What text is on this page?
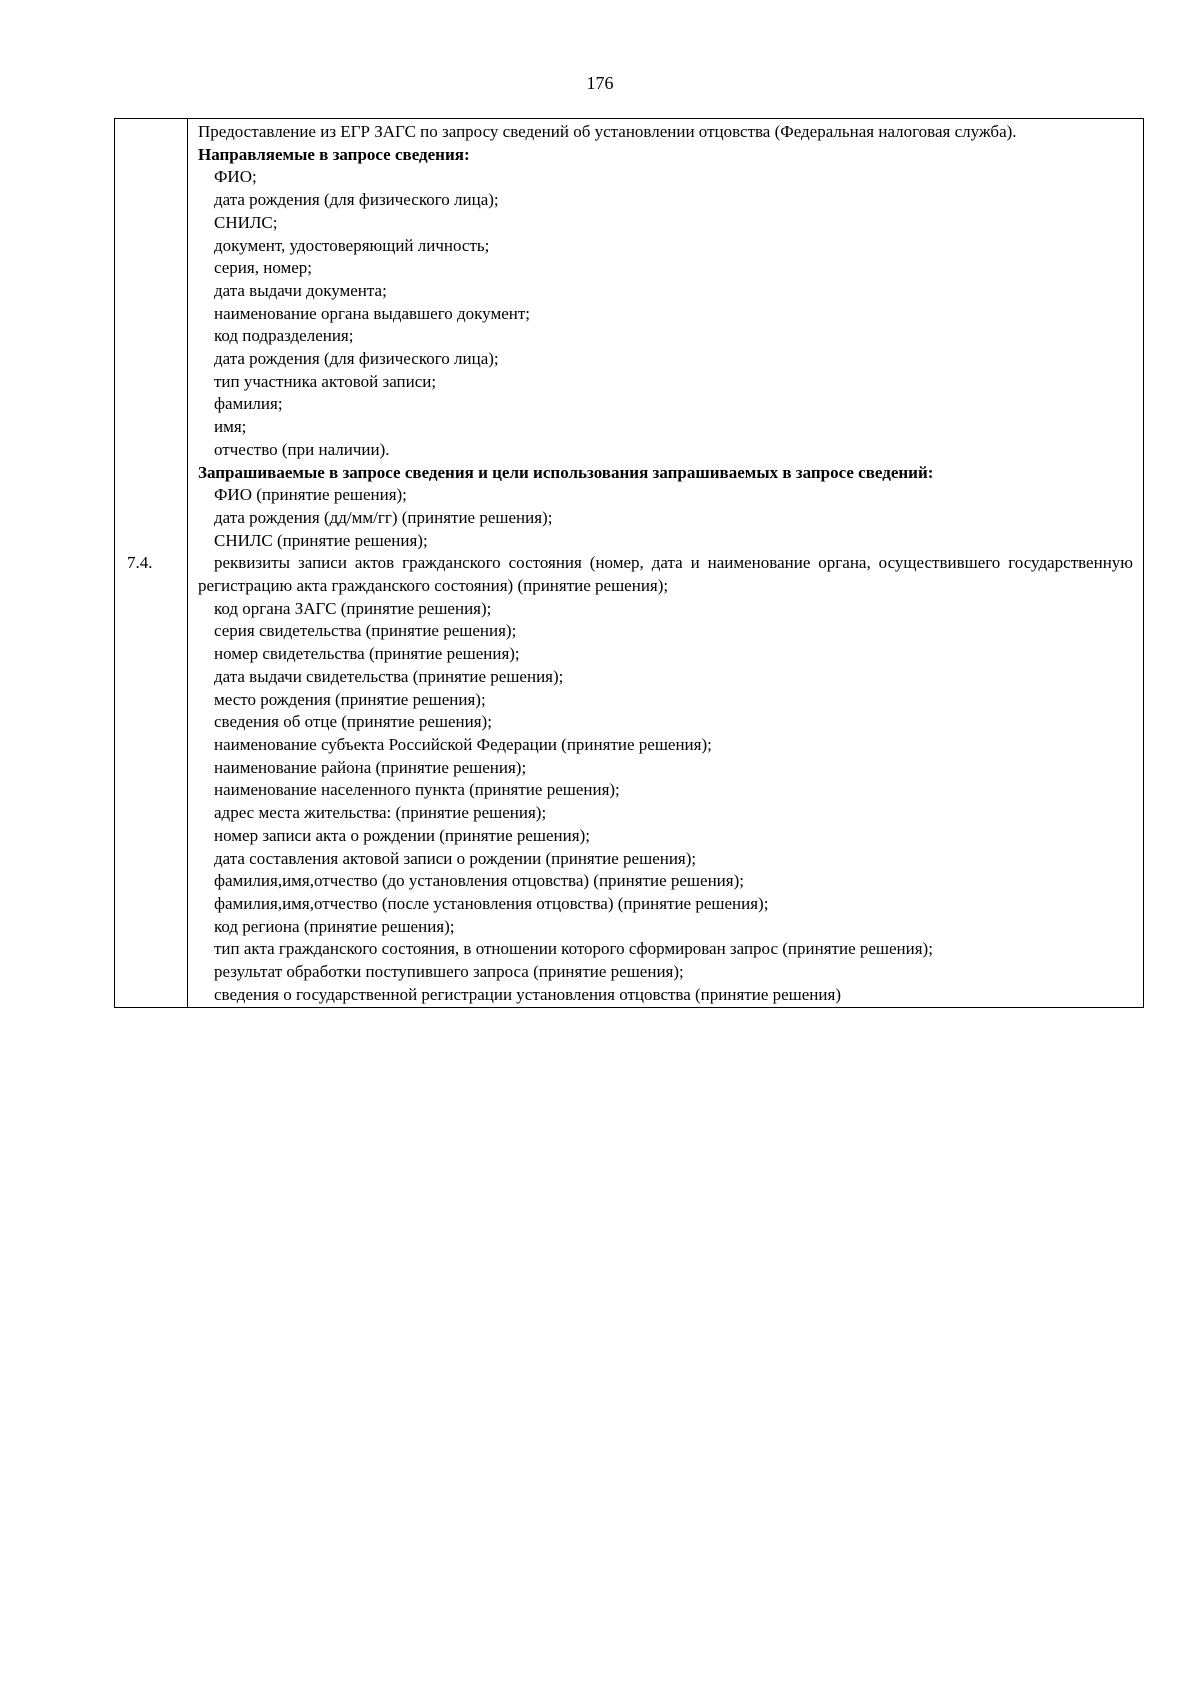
176
7.4.

Предоставление из ЕГР ЗАГС по запросу сведений об установлении отцовства (Федеральная налоговая служба).
Направляемые в запросе сведения:
ФИО;
дата рождения (для физического лица);
СНИЛС;
документ, удостоверяющий личность;
серия, номер;
дата выдачи документа;
наименование органа выдавшего документ;
код подразделения;
дата рождения (для физического лица);
тип участника актовой записи;
фамилия;
имя;
отчество (при наличии).
Запрашиваемые в запросе сведения и цели использования запрашиваемых в запросе сведений:
ФИО (принятие решения);
дата рождения (дд/мм/гг) (принятие решения);
СНИЛС (принятие решения);
реквизиты записи актов гражданского состояния (номер, дата и наименование органа, осуществившего государственную регистрацию акта гражданского состояния) (принятие решения);
код органа ЗАГС (принятие решения);
серия свидетельства (принятие решения);
номер свидетельства (принятие решения);
дата выдачи свидетельства (принятие решения);
место рождения (принятие решения);
сведения об отце (принятие решения);
наименование субъекта Российской Федерации (принятие решения);
наименование района (принятие решения);
наименование населенного пункта (принятие решения);
адрес места жительства: (принятие решения);
номер записи акта о рождении (принятие решения);
дата составления актовой записи о рождении (принятие решения);
фамилия,имя,отчество (до установления отцовства) (принятие решения);
фамилия,имя,отчество (после установления отцовства) (принятие решения);
код региона (принятие решения);
тип акта гражданского состояния, в отношении которого сформирован запрос (принятие решения);
результат обработки поступившего запроса (принятие решения);
сведения о государственной регистрации установления отцовства (принятие решения)
